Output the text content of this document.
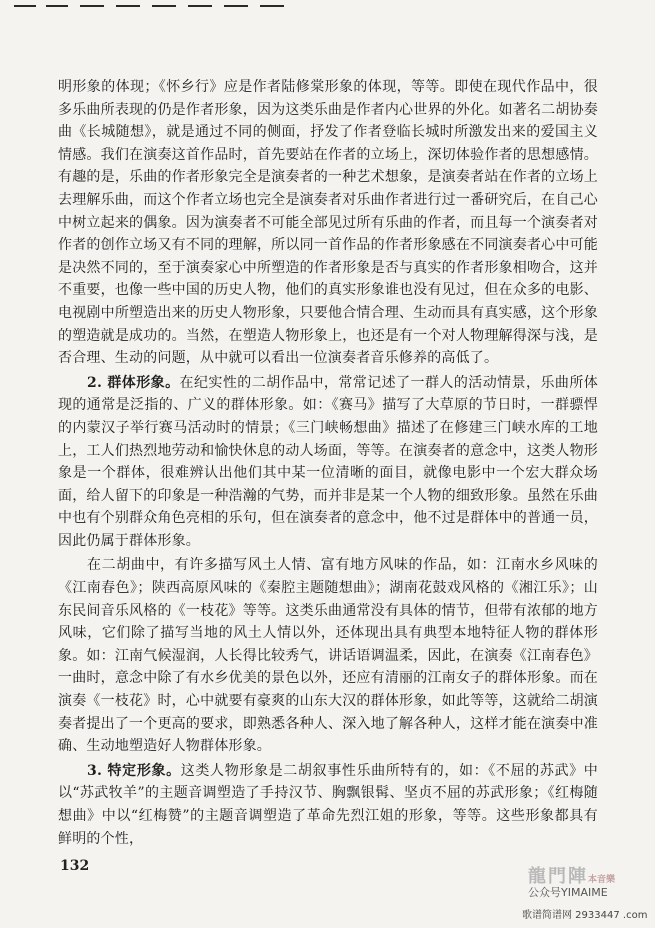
明形象的体现；《怀乡行》应是作者陆修棠形象的体现，等等。即使在现代作品中，很多乐曲所表现的仍是作者形象，因为这类乐曲是作者内心世界的外化。如著名二胡协奏曲《长城随想》，就是通过不同的侧面，抒发了作者登临长城时所激发出来的爱国主义情感。我们在演奏这首作品时，首先要站在作者的立场上，深切体验作者的思想感情。有趣的是，乐曲的作者形象完全是演奏者的一种艺术想象，是演奏者站在作者的立场上去理解乐曲，而这个作者立场也完全是演奏者对乐曲作者进行过一番研究后，在自己心中树立起来的偶象。因为演奏者不可能全部见过所有乐曲的作者，而且每一个演奏者对作者的创作立场又有不同的理解，所以同一首作品的作者形象感在不同演奏者心中可能是决然不同的，至于演奏家心中所塑造的作者形象是否与真实的作者形象相吻合，这并不重要，也像一些中国的历史人物，他们的真实形象谁也没有见过，但在众多的电影、电视剧中所塑造出来的历史人物形象，只要他合情合理、生动而具有真实感，这个形象的塑造就是成功的。当然，在塑造人物形象上，也还是有一个对人物理解得深与浅，是否合理、生动的问题，从中就可以看出一位演奏者音乐修养的高低了。

2. 群体形象。在纪实性的二胡作品中，常常记述了一群人的活动情景，乐曲所体现的通常是泛指的、广义的群体形象。如：《赛马》描写了大草原的节日时，一群骠悍的内蒙汉子举行赛马活动时的情景；《三门峡畅想曲》描述了在修建三门峡水库的工地上，工人们热烈地劳动和愉快休息的动人场面，等等。在演奏者的意念中，这类人物形象是一个群体，很难辨认出他们其中某一位清晰的面目，就像电影中一个宏大群众场面，给人留下的印象是一种浩瀚的气势，而并非是某一个人物的细致形象。虽然在乐曲中也有个别群众角色亮相的乐句，但在演奏者的意念中，他不过是群体中的普通一员，因此仍属于群体形象。

在二胡曲中，有许多描写风土人情、富有地方风味的作品，如：江南水乡风味的《江南春色》；陕西高原风味的《秦腔主题随想曲》；湖南花鼓戏风格的《湘江乐》；山东民间音乐风格的《一枝花》等等。这类乐曲通常没有具体的情节，但带有浓郁的地方风味，它们除了描写当地的风土人情以外，还体现出具有典型本地特征人物的群体形象。如：江南气候湿润，人长得比较秀气，讲话语调温柔，因此，在演奏《江南春色》一曲时，意念中除了有水乡优美的景色以外，还应有清丽的江南女子的群体形象。而在演奏《一枝花》时，心中就要有豪爽的山东大汉的群体形象，如此等等，这就给二胡演奏者提出了一个更高的要求，即熟悉各种人、深入地了解各种人，这样才能在演奏中准确、生动地塑造好人物群体形象。

3. 特定形象。这类人物形象是二胡叙事性乐曲所特有的，如：《不屈的苏武》中以“苏武牧羊”的主题音调塑造了手持汉节、胸飘银髯、坚贞不屈的苏武形象；《红梅随想曲》中以“红梅赞”的主题音调塑造了革命先烈江姐的形象，等等。这些形象都具有鲜明的个性，

132	龍門陣本音樂
公众号YIMAIME
歌谱简谱网 2933447 .com
